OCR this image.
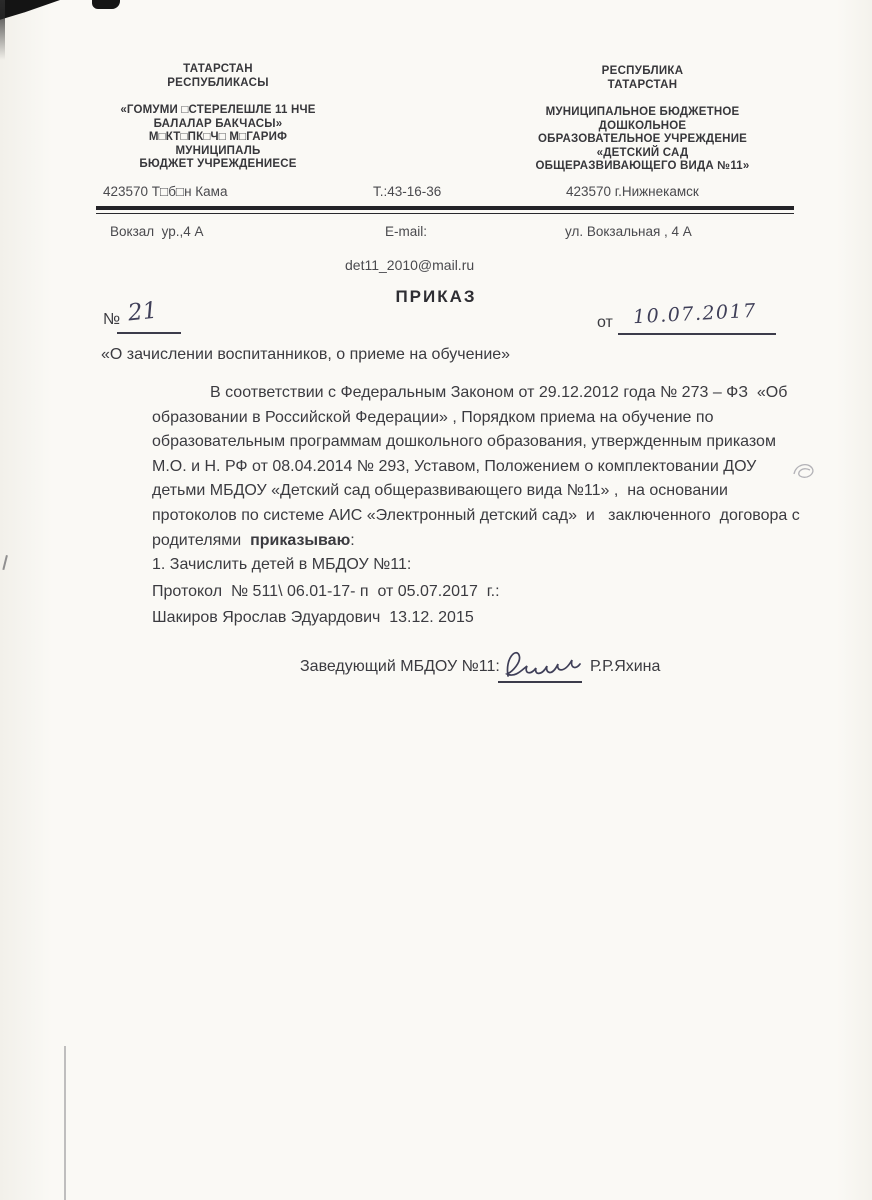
ТАТАРСТАН
РЕСПУБЛИКАСЫ
«ГОМУМИ □СТЕРЕЛЕШЛЕ 11 НЧЕ
БАЛАЛАР БАКЧАСЫ»
М□КТ□ПК□Ч□ М□ГАРИФ
МУНИЦИПАЛЬ
БЮДЖЕТ УЧРЕЖДЕНИЕСЕ
РЕСПУБЛИКА
ТАТАРСТАН
МУНИЦИПАЛЬНОЕ БЮДЖЕТНОЕ
ДОШКОЛЬНОЕ
ОБРАЗОВАТЕЛЬНОЕ УЧРЕЖДЕНИЕ
«ДЕТСКИЙ САД
ОБЩЕРАЗВИВАЮЩЕГО ВИДА №11»
423570 Т□б□н Кама	Т.:43-16-36	423570 г.Нижнекамск
Вокзал  ур.,4 А	E-mail:	ул. Вокзальная , 4 А
det11_2010@mail.ru
ПРИКАЗ
№ 21	от 10.07.2017
«О зачислении воспитанников, о приеме на обучение»
В соответствии с Федеральным Законом от 29.12.2012 года № 273 – ФЗ  «Об
образовании в Российской Федерации» , Порядком приема на обучение по
образовательным программам дошкольного образования, утвержденным приказом
М.О. и Н. РФ от 08.04.2014 № 293, Уставом, Положением о комплектовании ДОУ
детьми МБДОУ «Детский сад общеразвивающего вида №11» ,  на основании
протоколов по системе АИС «Электронный детский сад»  и   заключенного  договора с
родителями  приказываю:
1. Зачислить детей в МБДОУ №11:
Протокол  № 511\ 06.01-17- п  от 05.07.2017  г.:
Шакиров Ярослав Эдуардович  13.12. 2015
Заведующий МБДОУ №11:	Р.Р.Яхина
